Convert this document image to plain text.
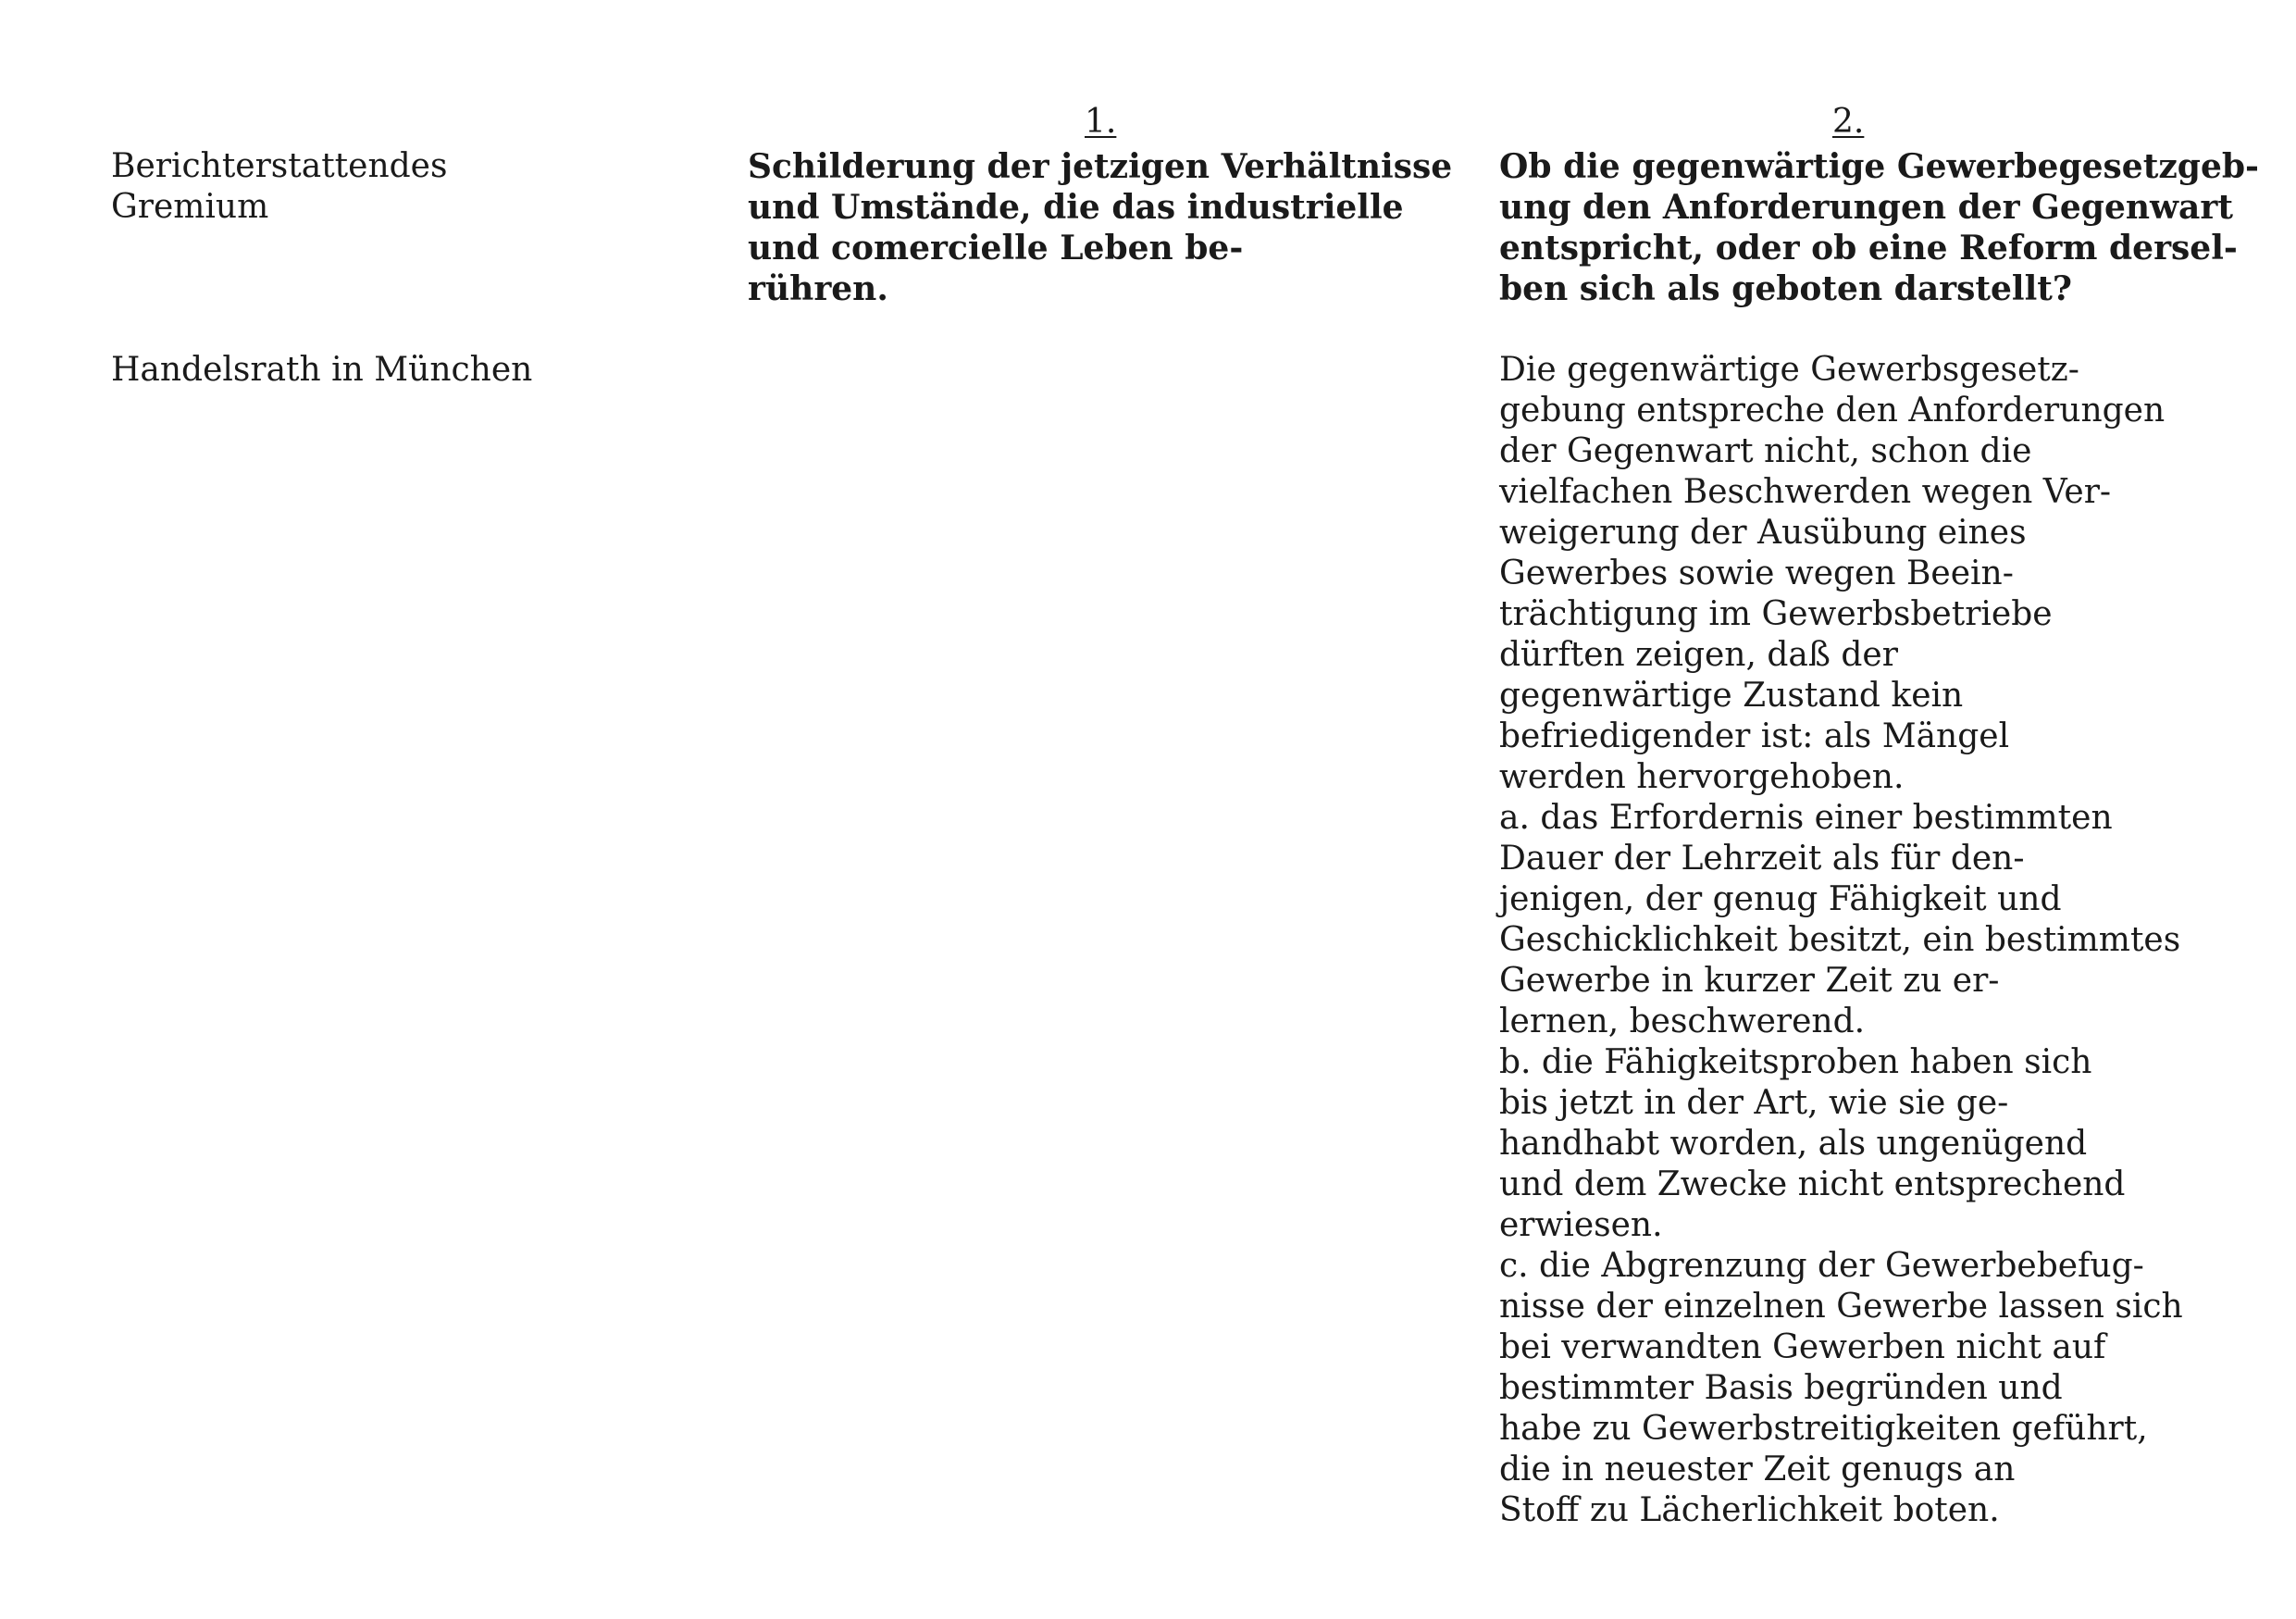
1.	2.
Berichterstattendes
Gremium
Schilderung der jetzigen Verhältnisse
und Umstände, die das industrielle
und comercielle Leben be-
rühren.
Ob die gegenwärtige Gewerbegesetzgeb-
ung den Anforderungen der Gegenwart
entspricht, oder ob eine Reform dersel-
ben sich als geboten darstellt?
Handelsrath in München	Die gegenwärtige Gewerbsgesetz-
gebung entspreche den Anforderungen
der Gegenwart nicht, schon die
vielfachen Beschwerden wegen Ver-
weigerung der Ausübung eines
Gewerbes sowie wegen Beein-
trächtigung im Gewerbsbetriebe
dürften zeigen, daß der
gegenwärtige Zustand kein
befriedigender ist: als Mängel
werden hervorgehoben.
a. das Erfordernis einer bestimmten
Dauer der Lehrzeit als für den-
jenigen, der genug Fähigkeit und
Geschicklichkeit besitzt, ein bestimmtes
Gewerbe in kurzer Zeit zu er-
lernen, beschwerend.
b. die Fähigkeitsproben haben sich
bis jetzt in der Art, wie sie ge-
handhabt worden, als ungenügend
und dem Zwecke nicht entsprechend
erwiesen.
c. die Abgrenzung der Gewerbebefug-
nisse der einzelnen Gewerbe lassen sich
bei verwandten Gewerben nicht auf
bestimmter Basis begründen und
habe zu Gewerbstreitigkeiten geführt,
die in neuester Zeit genugs an
Stoff zu Lächerlichkeit boten.
